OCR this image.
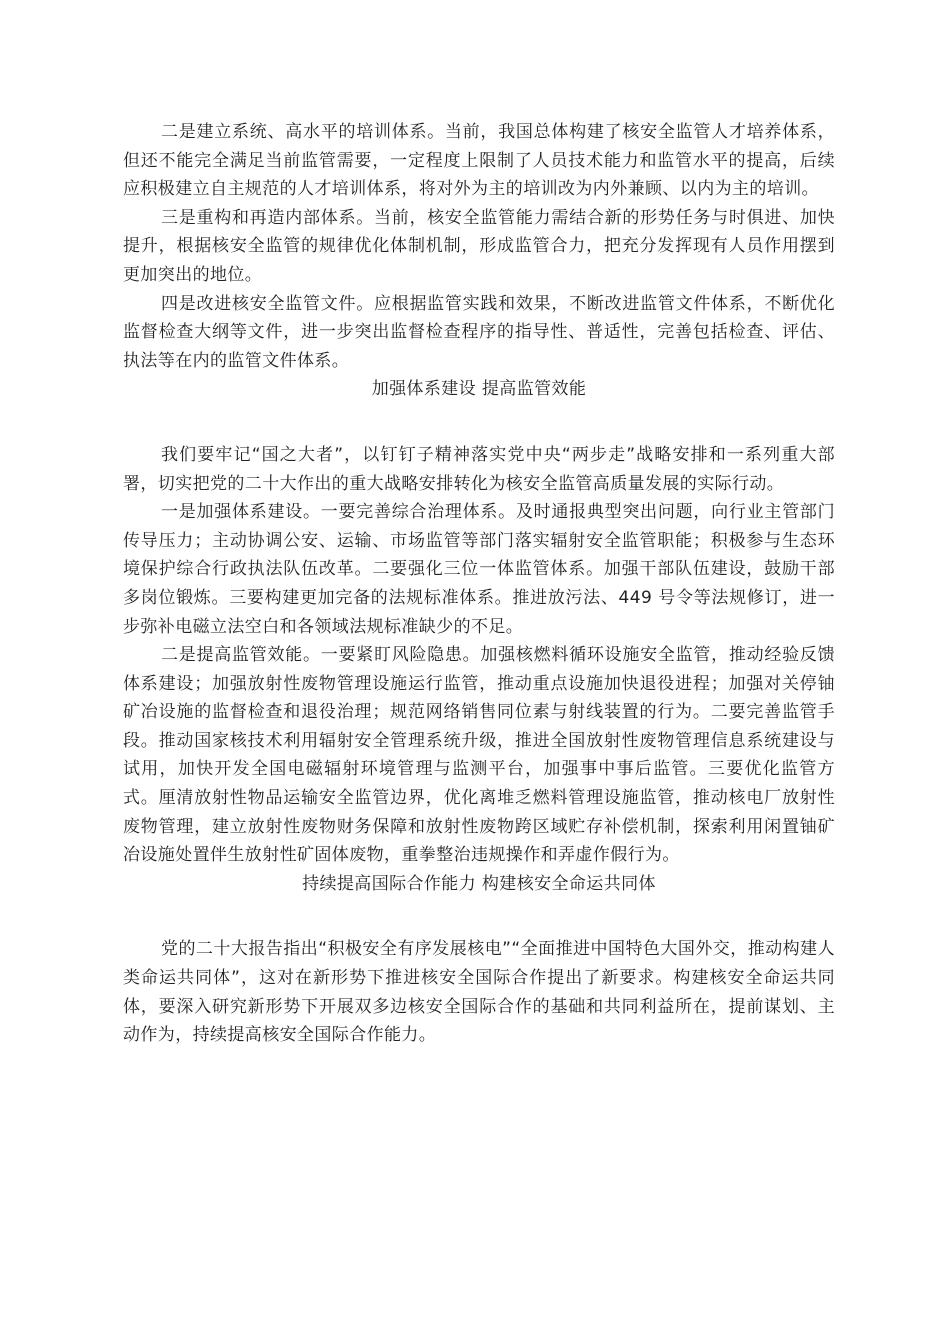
二是建立系统、高水平的培训体系。当前，我国总体构建了核安全监管人才培养体系，但还不能完全满足当前监管需要，一定程度上限制了人员技术能力和监管水平的提高，后续应积极建立自主规范的人才培训体系，将对外为主的培训改为内外兼顾、以内为主的培训。

三是重构和再造内部体系。当前，核安全监管能力需结合新的形势任务与时俱进、加快提升，根据核安全监管的规律优化体制机制，形成监管合力，把充分发挥现有人员作用摆到更加突出的地位。

四是改进核安全监管文件。应根据监管实践和效果，不断改进监管文件体系，不断优化监督检查大纲等文件，进一步突出监督检查程序的指导性、普适性，完善包括检查、评估、执法等在内的监管文件体系。

加强体系建设 提高监管效能

我们要牢记“国之大者”，以钉钉子精神落实党中央“两步走”战略安排和一系列重大部署，切实把党的二十大作出的重大战略安排转化为核安全监管高质量发展的实际行动。

一是加强体系建设。一要完善综合治理体系。及时通报典型突出问题，向行业主管部门传导压力；主动协调公安、运输、市场监管等部门落实辐射安全监管职能；积极参与生态环境保护综合行政执法队伍改革。二要强化三位一体监管体系。加强干部队伍建设，鼓励干部多岗位锻炼。三要构建更加完备的法规标准体系。推进放污法、449 号令等法规修订，进一步弥补电磁立法空白和各领域法规标准缺少的不足。

二是提高监管效能。一要紧盯风险隐患。加强核燃料循环设施安全监管，推动经验反馈体系建设；加强放射性废物管理设施运行监管，推动重点设施加快退役进程；加强对关停铀矿冶设施的监督检查和退役治理；规范网络销售同位素与射线装置的行为。二要完善监管手段。推动国家核技术利用辐射安全管理系统升级，推进全国放射性废物管理信息系统建设与试用，加快开发全国电磁辐射环境管理与监测平台，加强事中事后监管。三要优化监管方式。厘清放射性物品运输安全监管边界，优化离堆乏燃料管理设施监管，推动核电厂放射性废物管理，建立放射性废物财务保障和放射性废物跨区域贮存补偿机制，探索利用闲置铀矿冶设施处置伴生放射性矿固体废物，重拳整治违规操作和弄虚作假行为。

持续提高国际合作能力 构建核安全命运共同体

党的二十大报告指出“积极安全有序发展核电”“全面推进中国特色大国外交，推动构建人类命运共同体”，这对在新形势下推进核安全国际合作提出了新要求。构建核安全命运共同体，要深入研究新形势下开展双多边核安全国际合作的基础和共同利益所在，提前谋划、主动作为，持续提高核安全国际合作能力。
